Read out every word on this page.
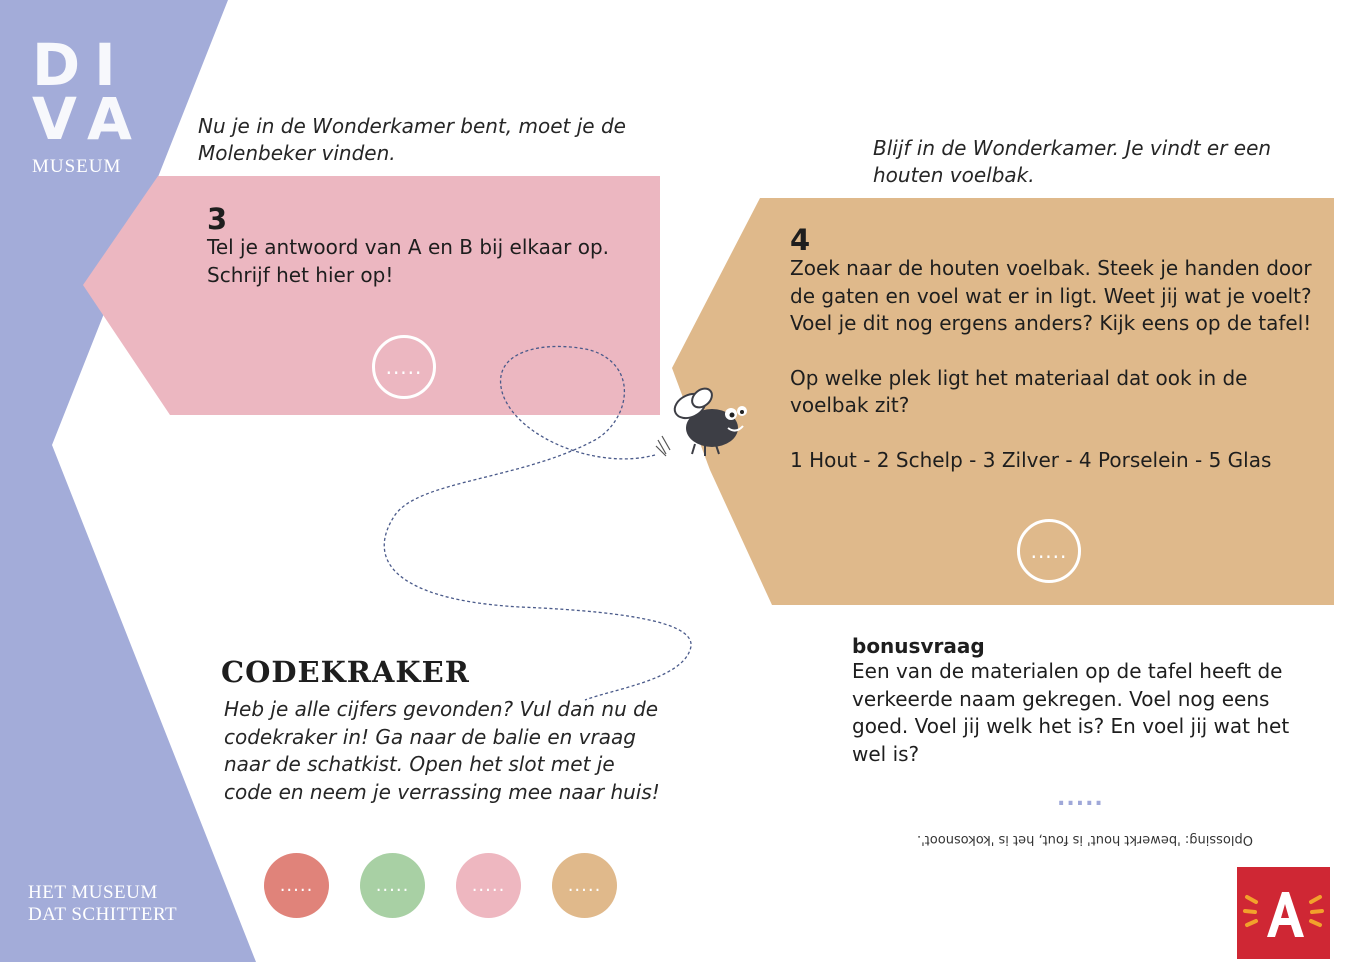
DI
VA
MUSEUM
HET MUSEUM
DAT SCHITTERT
Nu je in de Wonderkamer bent, moet je de Molenbeker vinden.
3
Tel je antwoord van A en B bij elkaar op.
Schrijf het hier op!
.....
Blijf in de Wonderkamer. Je vindt er een houten voelbak.
4
Zoek naar de houten voelbak. Steek je handen door de gaten en voel wat er in ligt. Weet jij wat je voelt? Voel je dit nog ergens anders? Kijk eens op de tafel!
Op welke plek ligt het materiaal dat ook in de voelbak zit?
1 Hout - 2 Schelp - 3 Zilver - 4 Porselein - 5 Glas
.....
CODEKRAKER
Heb je alle cijfers gevonden? Vul dan nu de codekraker in! Ga naar de balie en vraag naar de schatkist. Open het slot met je code en neem je verrassing mee naar huis!
.....	.....	.....	.....
bonusvraag
Een van de materialen op de tafel heeft de verkeerde naam gekregen. Voel nog eens goed. Voel jij welk het is? En voel jij wat het wel is?
.....
Oplossing: 'bewerkt hout' is fout, het is 'kokosnoot'.
